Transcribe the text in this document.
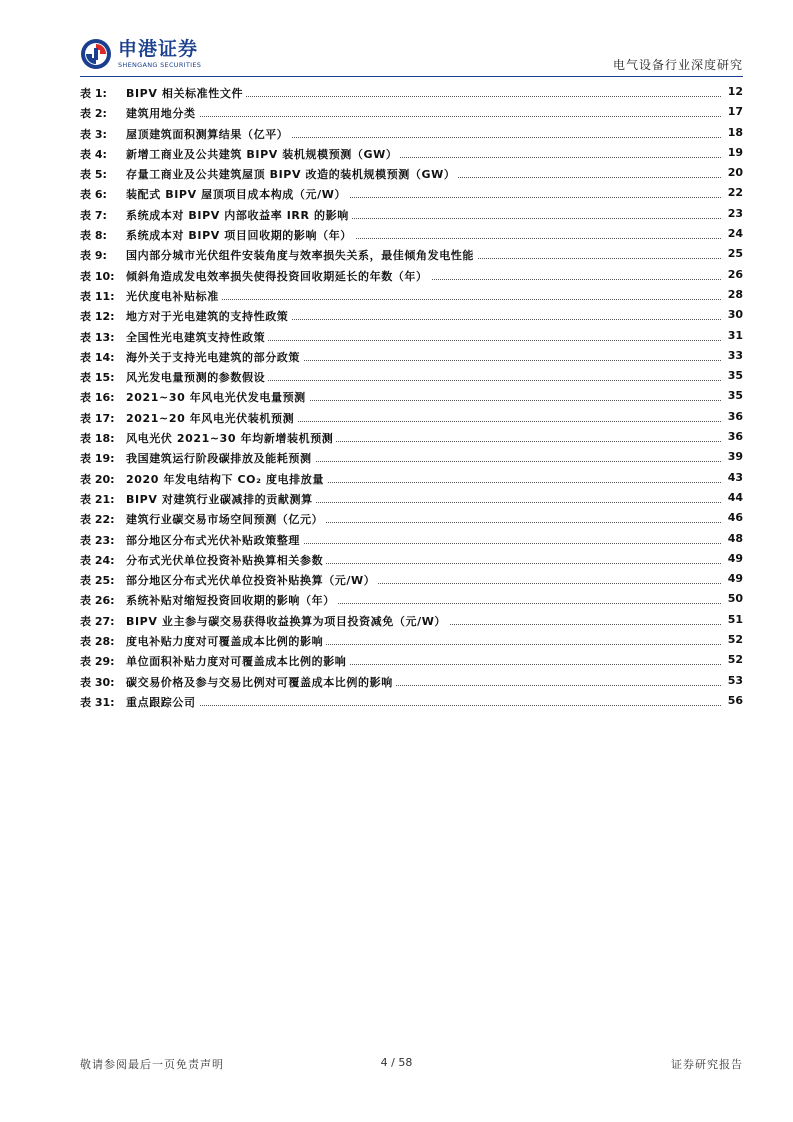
申港证券
SHENGANG SECURITIES	电气设备行业深度研究
表 1: BIPV 相关标准性文件	12
表 2: 建筑用地分类	17
表 3: 屋顶建筑面积测算结果（亿平）	18
表 4: 新增工商业及公共建筑 BIPV 装机规模预测（GW）	19
表 5: 存量工商业及公共建筑屋顶 BIPV 改造的装机规模预测（GW）	20
表 6: 装配式 BIPV 屋顶项目成本构成（元/W）	22
表 7: 系统成本对 BIPV 内部收益率 IRR 的影响	23
表 8: 系统成本对 BIPV 项目回收期的影响（年）	24
表 9: 国内部分城市光伏组件安装角度与效率损失关系，最佳倾角发电性能	25
表 10: 倾斜角造成发电效率损失使得投资回收期延长的年数（年）	26
表 11: 光伏度电补贴标准	28
表 12: 地方对于光电建筑的支持性政策	30
表 13: 全国性光电建筑支持性政策	31
表 14: 海外关于支持光电建筑的部分政策	33
表 15: 风光发电量预测的参数假设	35
表 16: 2021~30 年风电光伏发电量预测	35
表 17: 2021~20 年风电光伏装机预测	36
表 18: 风电光伏 2021~30 年均新增装机预测	36
表 19: 我国建筑运行阶段碳排放及能耗预测	39
表 20: 2020 年发电结构下 CO₂ 度电排放量	43
表 21: BIPV 对建筑行业碳减排的贡献测算	44
表 22: 建筑行业碳交易市场空间预测（亿元）	46
表 23: 部分地区分布式光伏补贴政策整理	48
表 24: 分布式光伏单位投资补贴换算相关参数	49
表 25: 部分地区分布式光伏单位投资补贴换算（元/W）	49
表 26: 系统补贴对缩短投资回收期的影响（年）	50
表 27: BIPV 业主参与碳交易获得收益换算为项目投资减免（元/W）	51
表 28: 度电补贴力度对可覆盖成本比例的影响	52
表 29: 单位面积补贴力度对可覆盖成本比例的影响	52
表 30: 碳交易价格及参与交易比例对可覆盖成本比例的影响	53
表 31: 重点跟踪公司	56
敬请参阅最后一页免责声明	4 / 58	证券研究报告
